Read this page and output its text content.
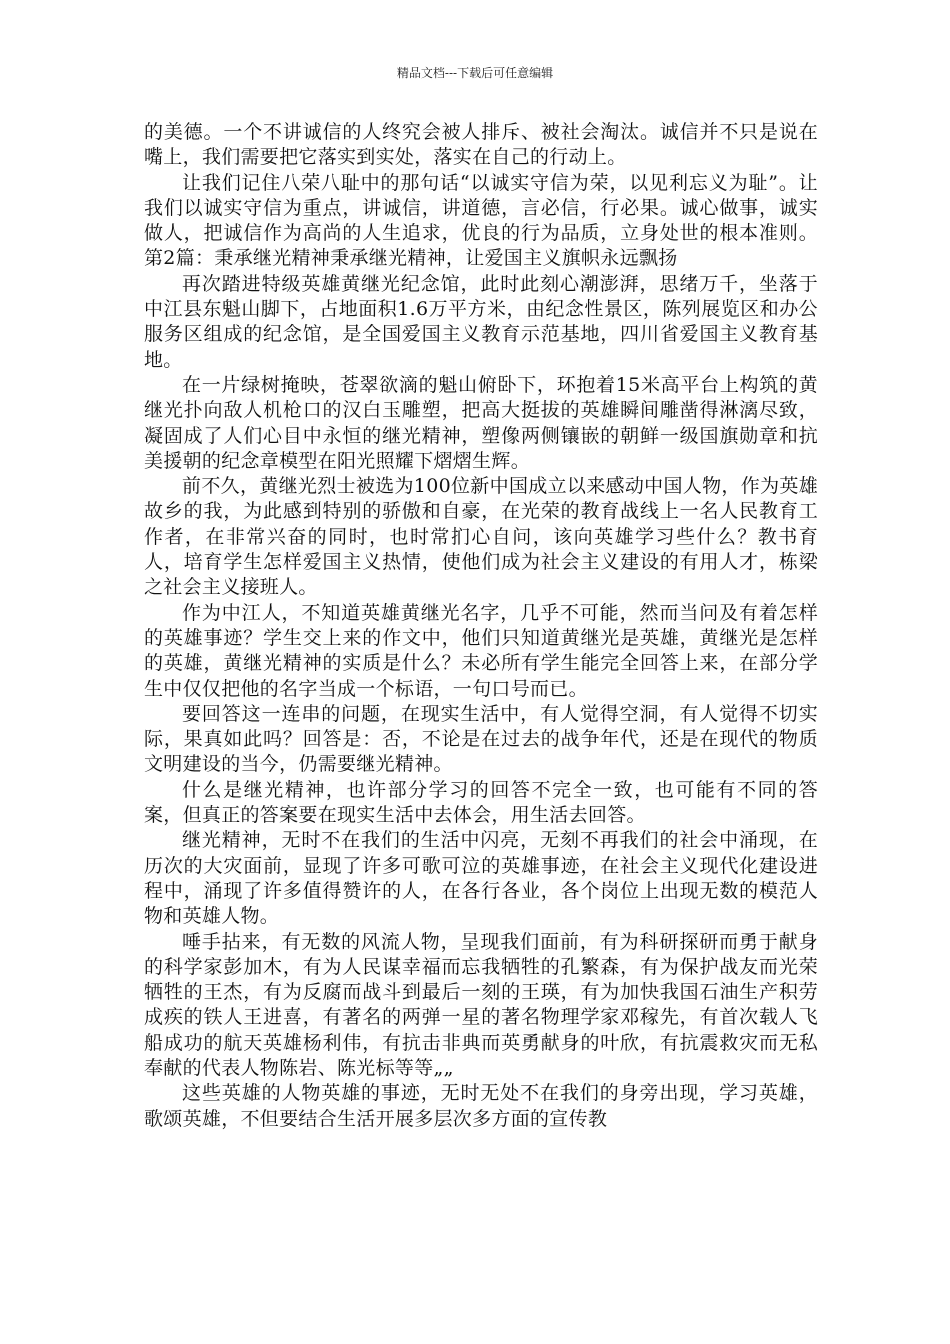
精品文档---下载后可任意编辑

的美德。一个不讲诚信的人终究会被人排斥、被社会淘汰。诚信并不只是说在嘴上，我们需要把它落实到实处，落实在自己的行动上。

让我们记住八荣八耻中的那句话“以诚实守信为荣，以见利忘义为耻”。让我们以诚实守信为重点，讲诚信，讲道德，言必信，行必果。诚心做事，诚实做人，把诚信作为高尚的人生追求，优良的行为品质，立身处世的根本准则。第2篇：秉承继光精神秉承继光精神，让爱国主义旗帜永远飘扬

再次踏进特级英雄黄继光纪念馆，此时此刻心潮澎湃，思绪万千，坐落于中江县东魁山脚下，占地面积1.6万平方米，由纪念性景区，陈列展览区和办公服务区组成的纪念馆，是全国爱国主义教育示范基地，四川省爱国主义教育基地。

在一片绿树掩映，苍翠欲滴的魁山俯卧下，环抱着15米高平台上构筑的黄继光扑向敌人机枪口的汉白玉雕塑，把高大挺拔的英雄瞬间雕凿得淋漓尽致，凝固成了人们心目中永恒的继光精神，塑像两侧镶嵌的朝鲜一级国旗勋章和抗美援朝的纪念章模型在阳光照耀下熠熠生辉。

前不久，黄继光烈士被选为100位新中国成立以来感动中国人物，作为英雄故乡的我，为此感到特别的骄傲和自豪，在光荣的教育战线上一名人民教育工作者，在非常兴奋的同时，也时常扪心自问，该向英雄学习些什么？教书育人，培育学生怎样爱国主义热情，使他们成为社会主义建设的有用人才，栋梁之社会主义接班人。

作为中江人，不知道英雄黄继光名字，几乎不可能，然而当问及有着怎样的英雄事迹？学生交上来的作文中，他们只知道黄继光是英雄，黄继光是怎样的英雄，黄继光精神的实质是什么？未必所有学生能完全回答上来，在部分学生中仅仅把他的名字当成一个标语，一句口号而已。

要回答这一连串的问题，在现实生活中，有人觉得空洞，有人觉得不切实际，果真如此吗？回答是：否，不论是在过去的战争年代，还是在现代的物质文明建设的当今，仍需要继光精神。

什么是继光精神，也许部分学习的回答不完全一致，也可能有不同的答案，但真正的答案要在现实生活中去体会，用生活去回答。

继光精神，无时不在我们的生活中闪亮，无刻不再我们的社会中涌现，在历次的大灾面前，显现了许多可歌可泣的英雄事迹，在社会主义现代化建设进程中，涌现了许多值得赞许的人，在各行各业，各个岗位上出现无数的模范人物和英雄人物。

唾手拈来，有无数的风流人物，呈现我们面前，有为科研探研而勇于献身的科学家彭加木，有为人民谋幸福而忘我牺牲的孔繁森，有为保护战友而光荣牺牲的王杰，有为反腐而战斗到最后一刻的王瑛，有为加快我国石油生产积劳成疾的铁人王进喜，有著名的两弹一星的著名物理学家邓稼先，有首次载人飞船成功的航天英雄杨利伟，有抗击非典而英勇献身的叶欣，有抗震救灾而无私奉献的代表人物陈岩、陈光标等等„„

这些英雄的人物英雄的事迹，无时无处不在我们的身旁出现，学习英雄，歌颂英雄，不但要结合生活开展多层次多方面的宣传教
